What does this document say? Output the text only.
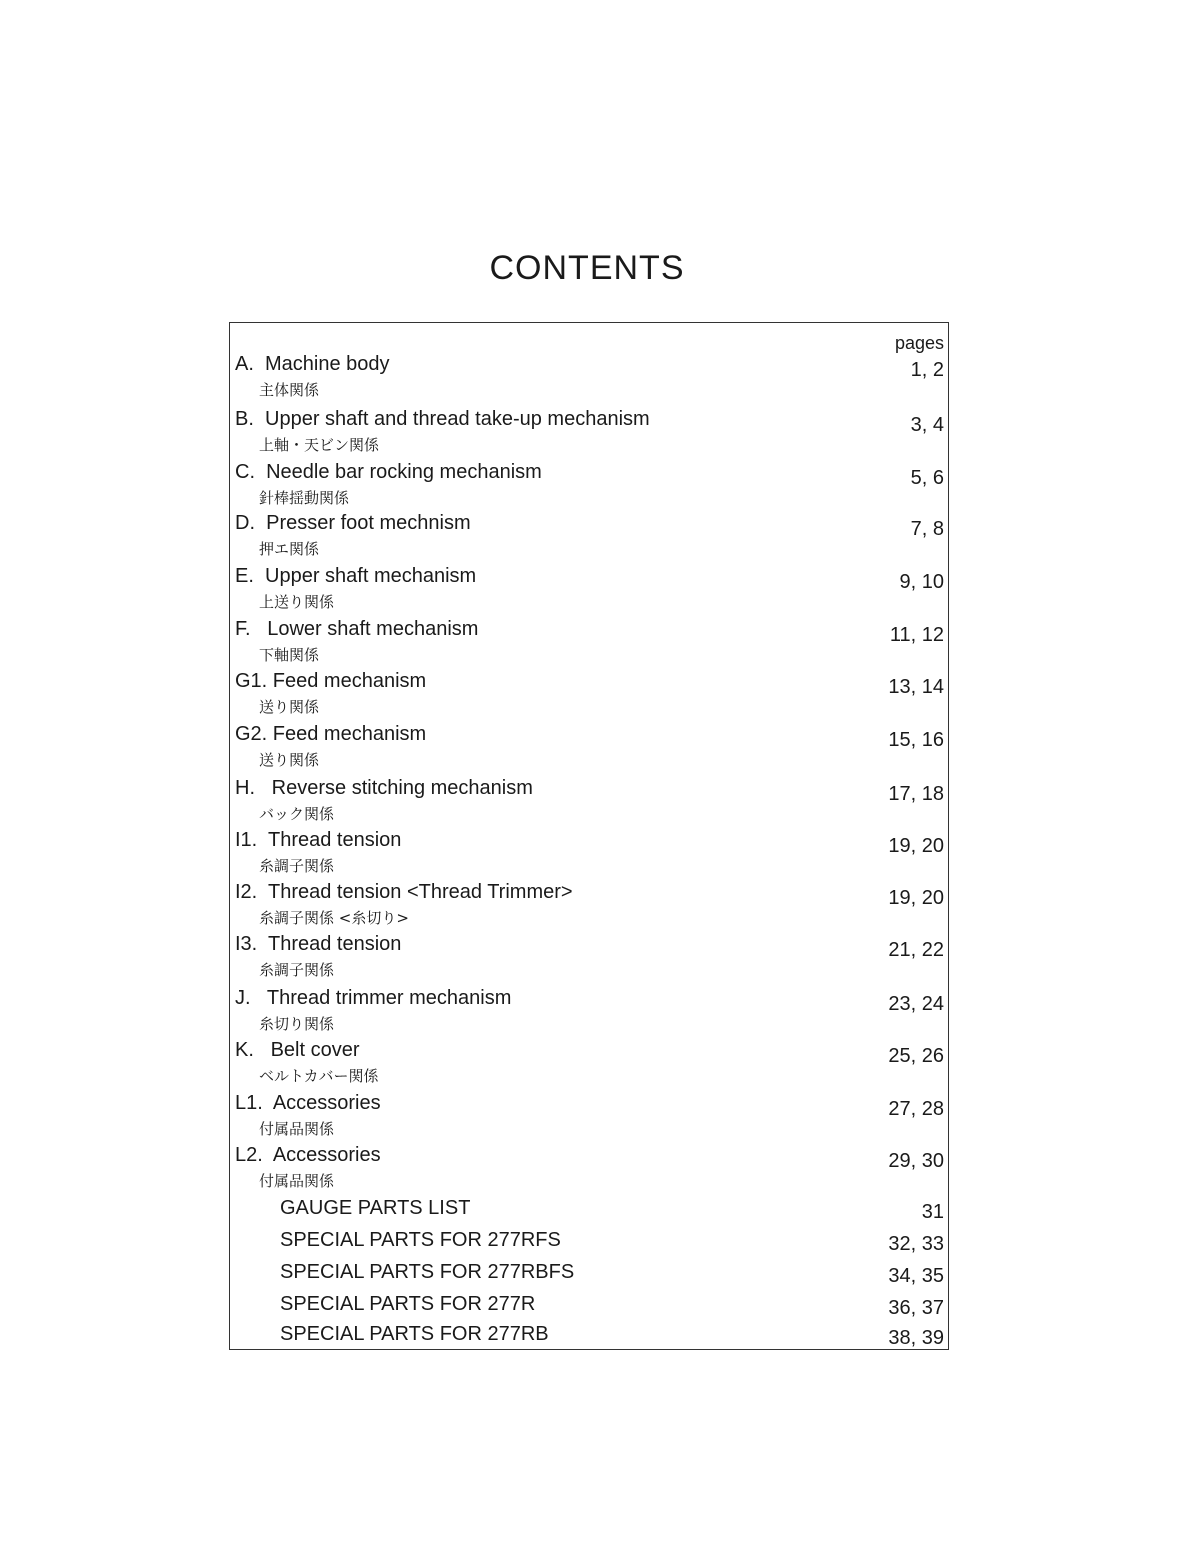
CONTENTS
pages
A.  Machine body
主体関係
1, 2
B.  Upper shaft and thread take-up mechanism
上軸・天ビン関係
3, 4
C.  Needle bar rocking mechanism
針棒揺動関係
5, 6
D.  Presser foot mechnism
押エ関係
7, 8
E.  Upper shaft mechanism
上送り関係
9, 10
F.   Lower shaft mechanism
下軸関係
11, 12
G1. Feed mechanism
送り関係
13, 14
G2. Feed mechanism
送り関係
15, 16
H.   Reverse stitching mechanism
バック関係
17, 18
I1.  Thread tension
糸調子関係
19, 20
I2.  Thread tension <Thread Trimmer>
糸調子関係 <糸切り>
19, 20
I3.  Thread tension
糸調子関係
21, 22
J.   Thread trimmer mechanism
糸切り関係
23, 24
K.   Belt cover
ベルトカバー関係
25, 26
L1.  Accessories
付属品関係
27, 28
L2.  Accessories
付属品関係
29, 30
GAUGE PARTS LIST	31
SPECIAL PARTS FOR 277RFS	32, 33
SPECIAL PARTS FOR 277RBFS	34, 35
SPECIAL PARTS FOR 277R	36, 37
SPECIAL PARTS FOR 277RB	38, 39
